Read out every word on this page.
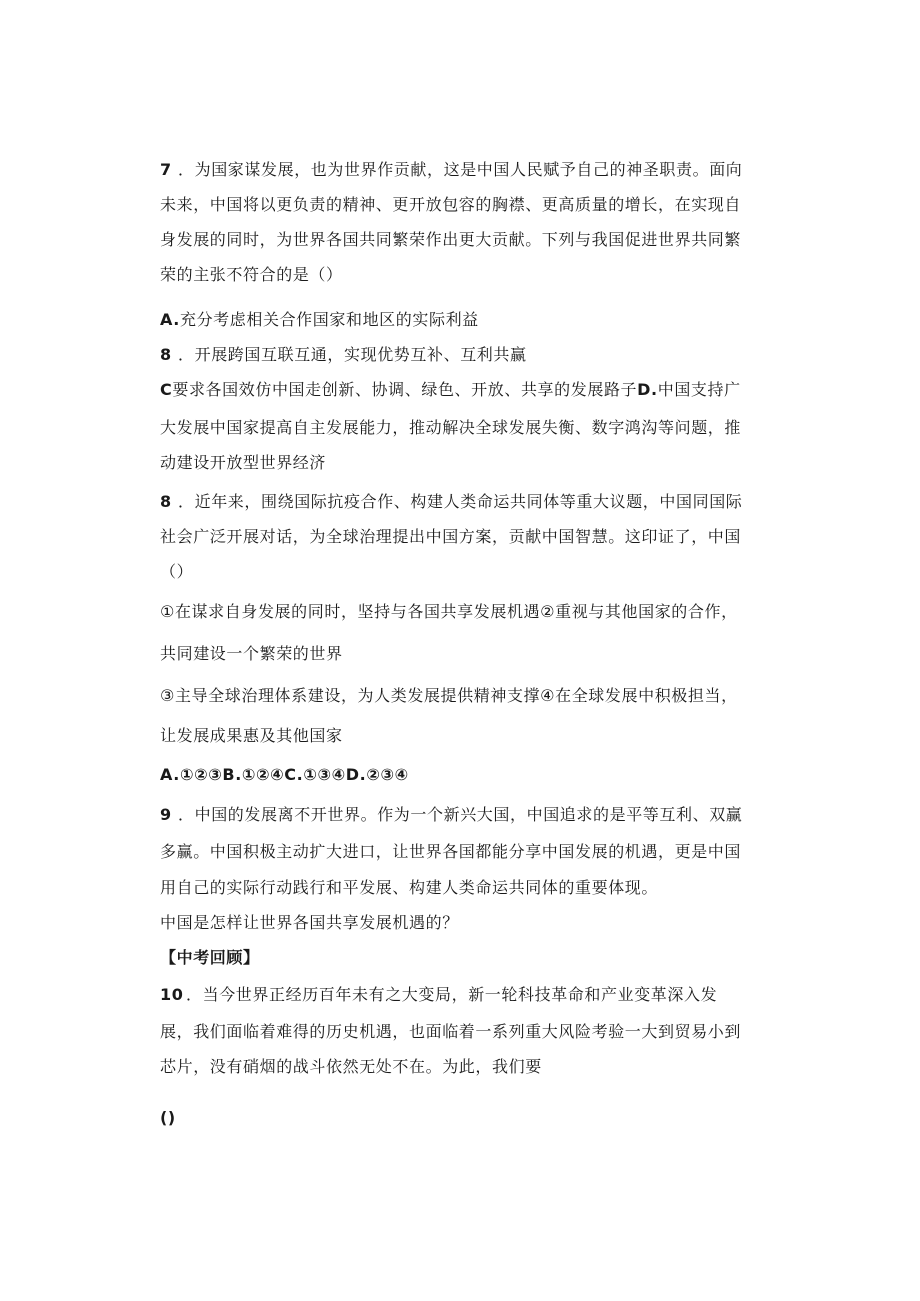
7 ．为国家谋发展，也为世界作贡献，这是中国人民赋予自己的神圣职责。面向
未来，中国将以更负责的精神、更开放包容的胸襟、更高质量的增长，在实现自
身发展的同时，为世界各国共同繁荣作出更大贡献。下列与我国促进世界共同繁
荣的主张不符合的是（）
A.充分考虑相关合作国家和地区的实际利益
8 ．开展跨国互联互通，实现优势互补、互利共赢
C要求各国效仿中国走创新、协调、绿色、开放、共享的发展路子D.中国支持广
大发展中国家提高自主发展能力，推动解决全球发展失衡、数字鸿沟等问题，推
动建设开放型世界经济
8 ．近年来，围绕国际抗疫合作、构建人类命运共同体等重大议题，中国同国际
社会广泛开展对话，为全球治理提出中国方案，贡献中国智慧。这印证了，中国
（）
①在谋求自身发展的同时，坚持与各国共享发展机遇②重视与其他国家的合作，
共同建设一个繁荣的世界
③主导全球治理体系建设，为人类发展提供精神支撑④在全球发展中积极担当，
让发展成果惠及其他国家
A.①②③B.①②④C.①③④D.②③④
9 ．中国的发展离不开世界。作为一个新兴大国，中国追求的是平等互利、双赢
多赢。中国积极主动扩大进口，让世界各国都能分享中国发展的机遇，更是中国
用自己的实际行动践行和平发展、构建人类命运共同体的重要体现。
中国是怎样让世界各国共享发展机遇的？
【中考回顾】
10 ．当今世界正经历百年未有之大变局，新一轮科技革命和产业变革深入发
展，我们面临着难得的历史机遇，也面临着一系列重大风险考验一大到贸易小到
芯片，没有硝烟的战斗依然无处不在。为此，我们要
()
